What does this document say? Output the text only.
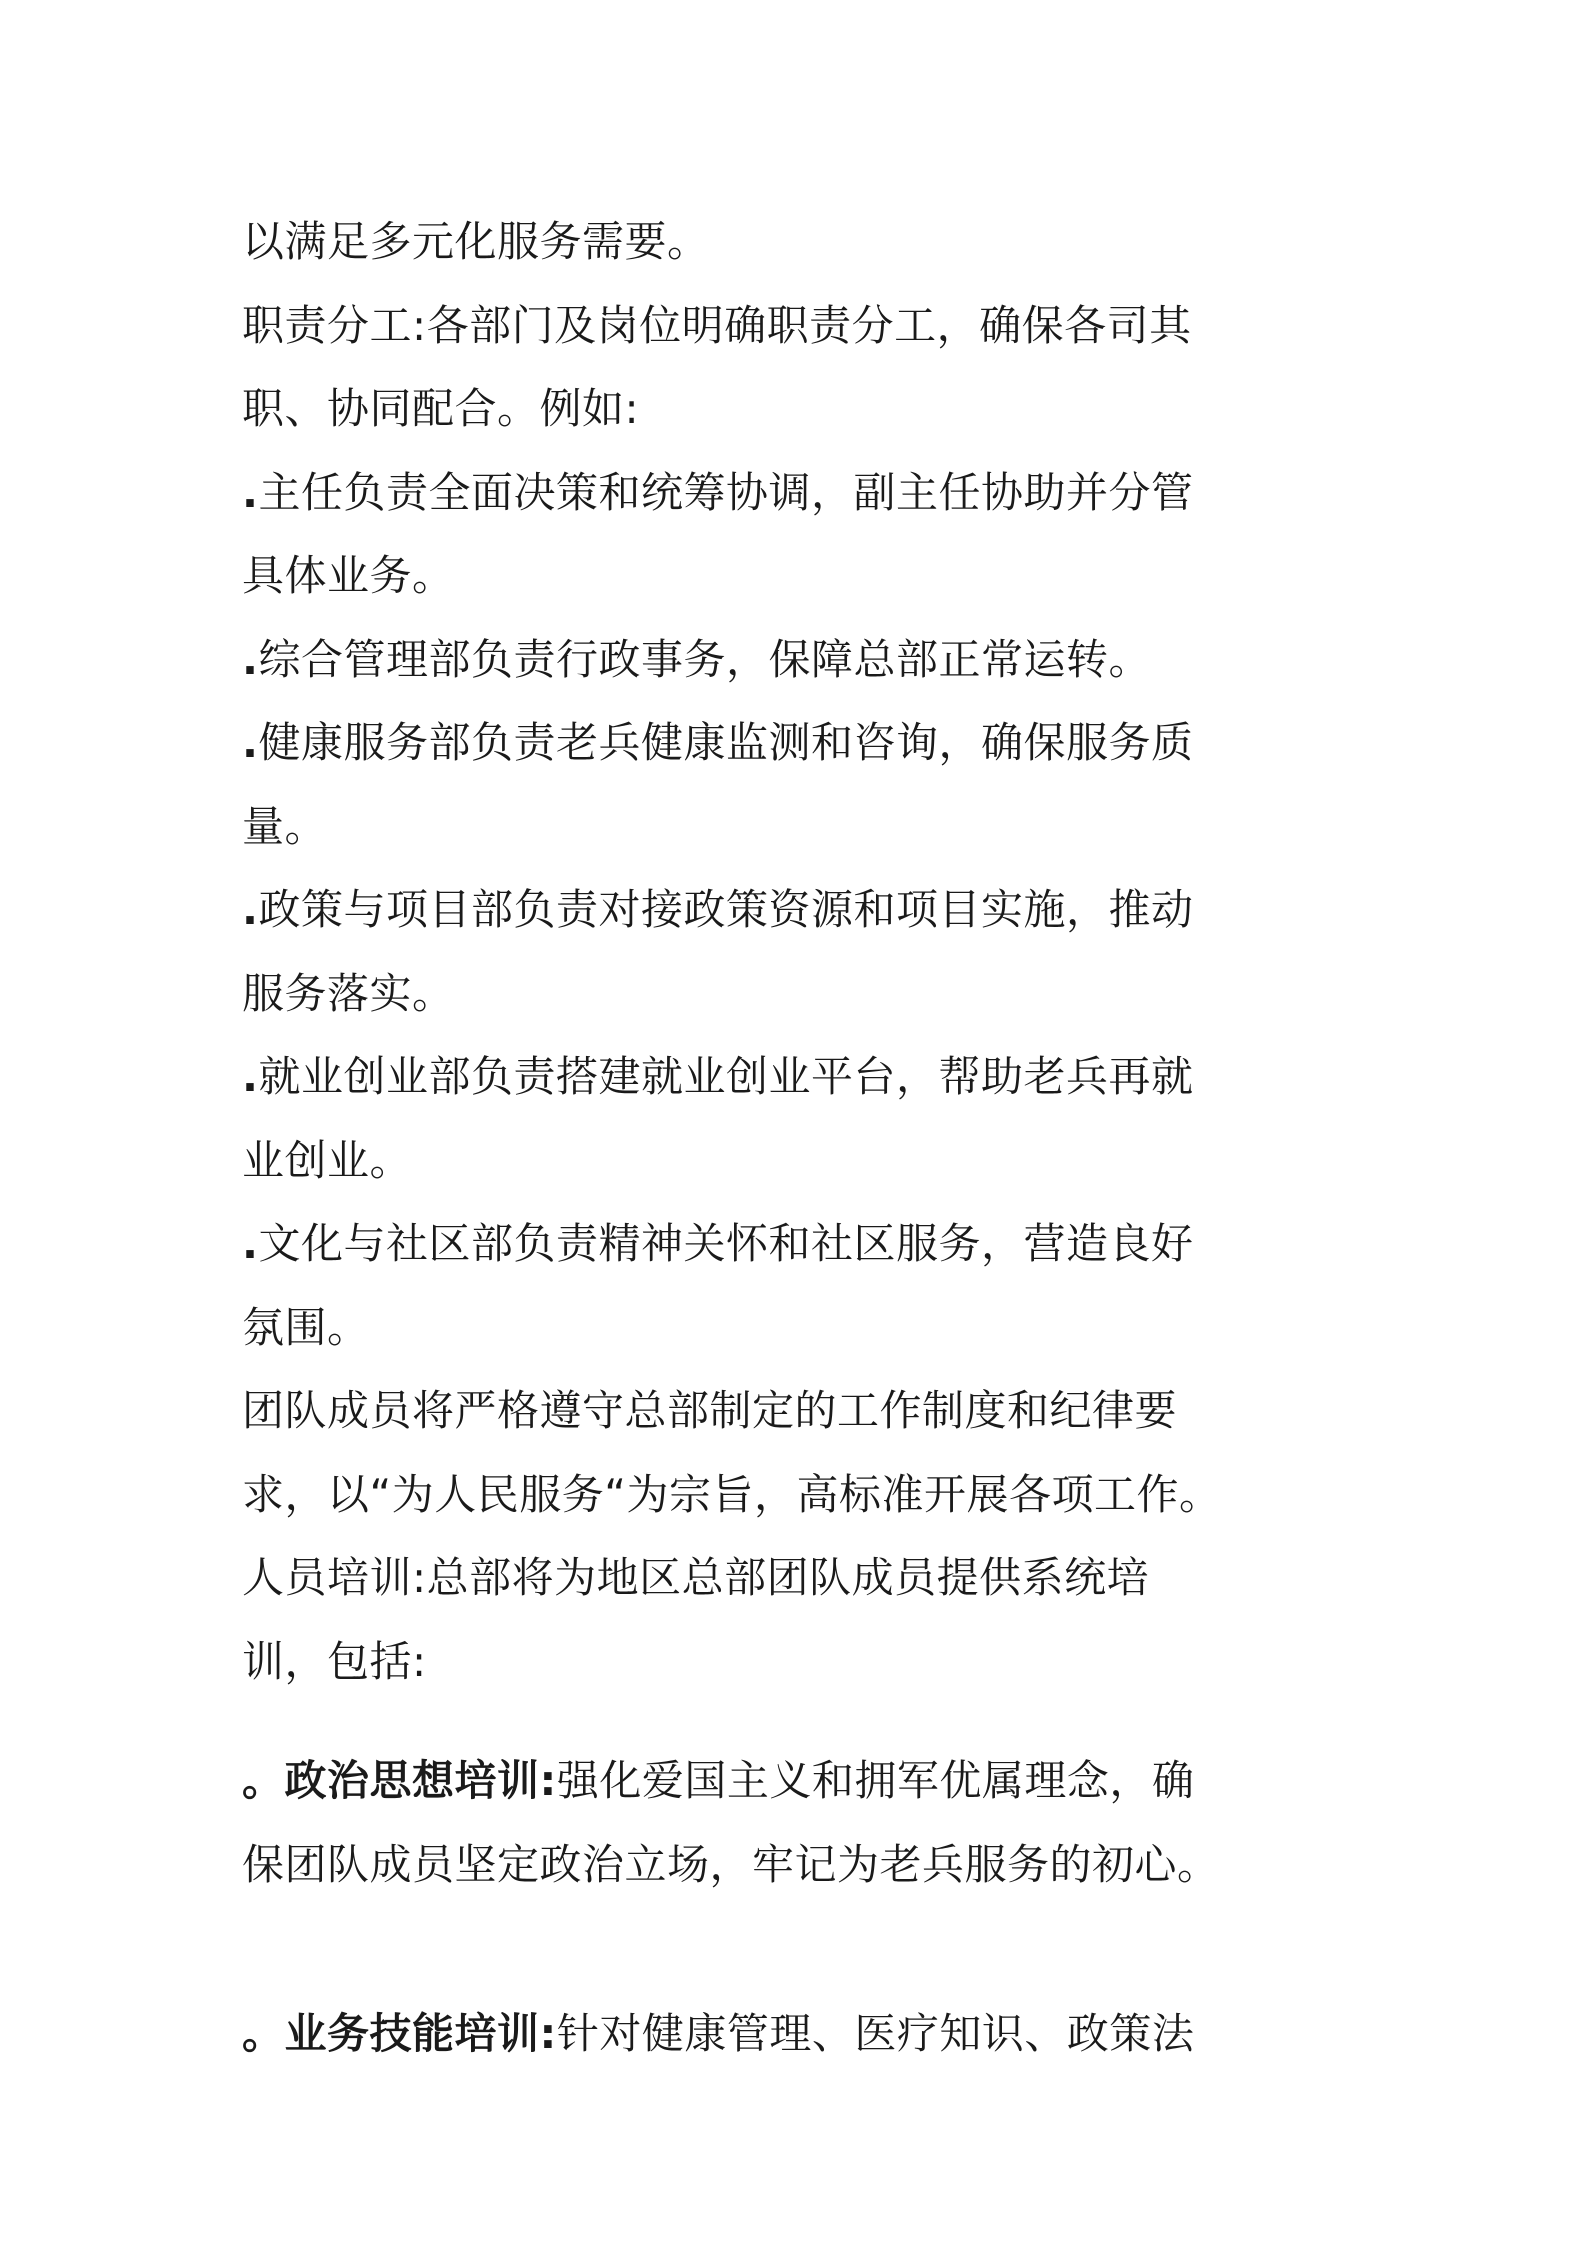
以满足多元化服务需要。
职责分工:各部门及岗位明确职责分工，确保各司其
职、协同配合。例如:
.主任负责全面决策和统筹协调，副主任协助并分管
具体业务。
.综合管理部负责行政事务，保障总部正常运转。
.健康服务部负责老兵健康监测和咨询，确保服务质
量。
.政策与项目部负责对接政策资源和项目实施，推动
服务落实。
.就业创业部负责搭建就业创业平台，帮助老兵再就
业创业。
.文化与社区部负责精神关怀和社区服务，营造良好
氛围。
团队成员将严格遵守总部制定的工作制度和纪律要
求，以“为人民服务“为宗旨，高标准开展各项工作。
人员培训:总部将为地区总部团队成员提供系统培
训，包括:
。政治思想培训:强化爱国主义和拥军优属理念，确
保团队成员坚定政治立场，牢记为老兵服务的初心。
。业务技能培训:针对健康管理、医疗知识、政策法
